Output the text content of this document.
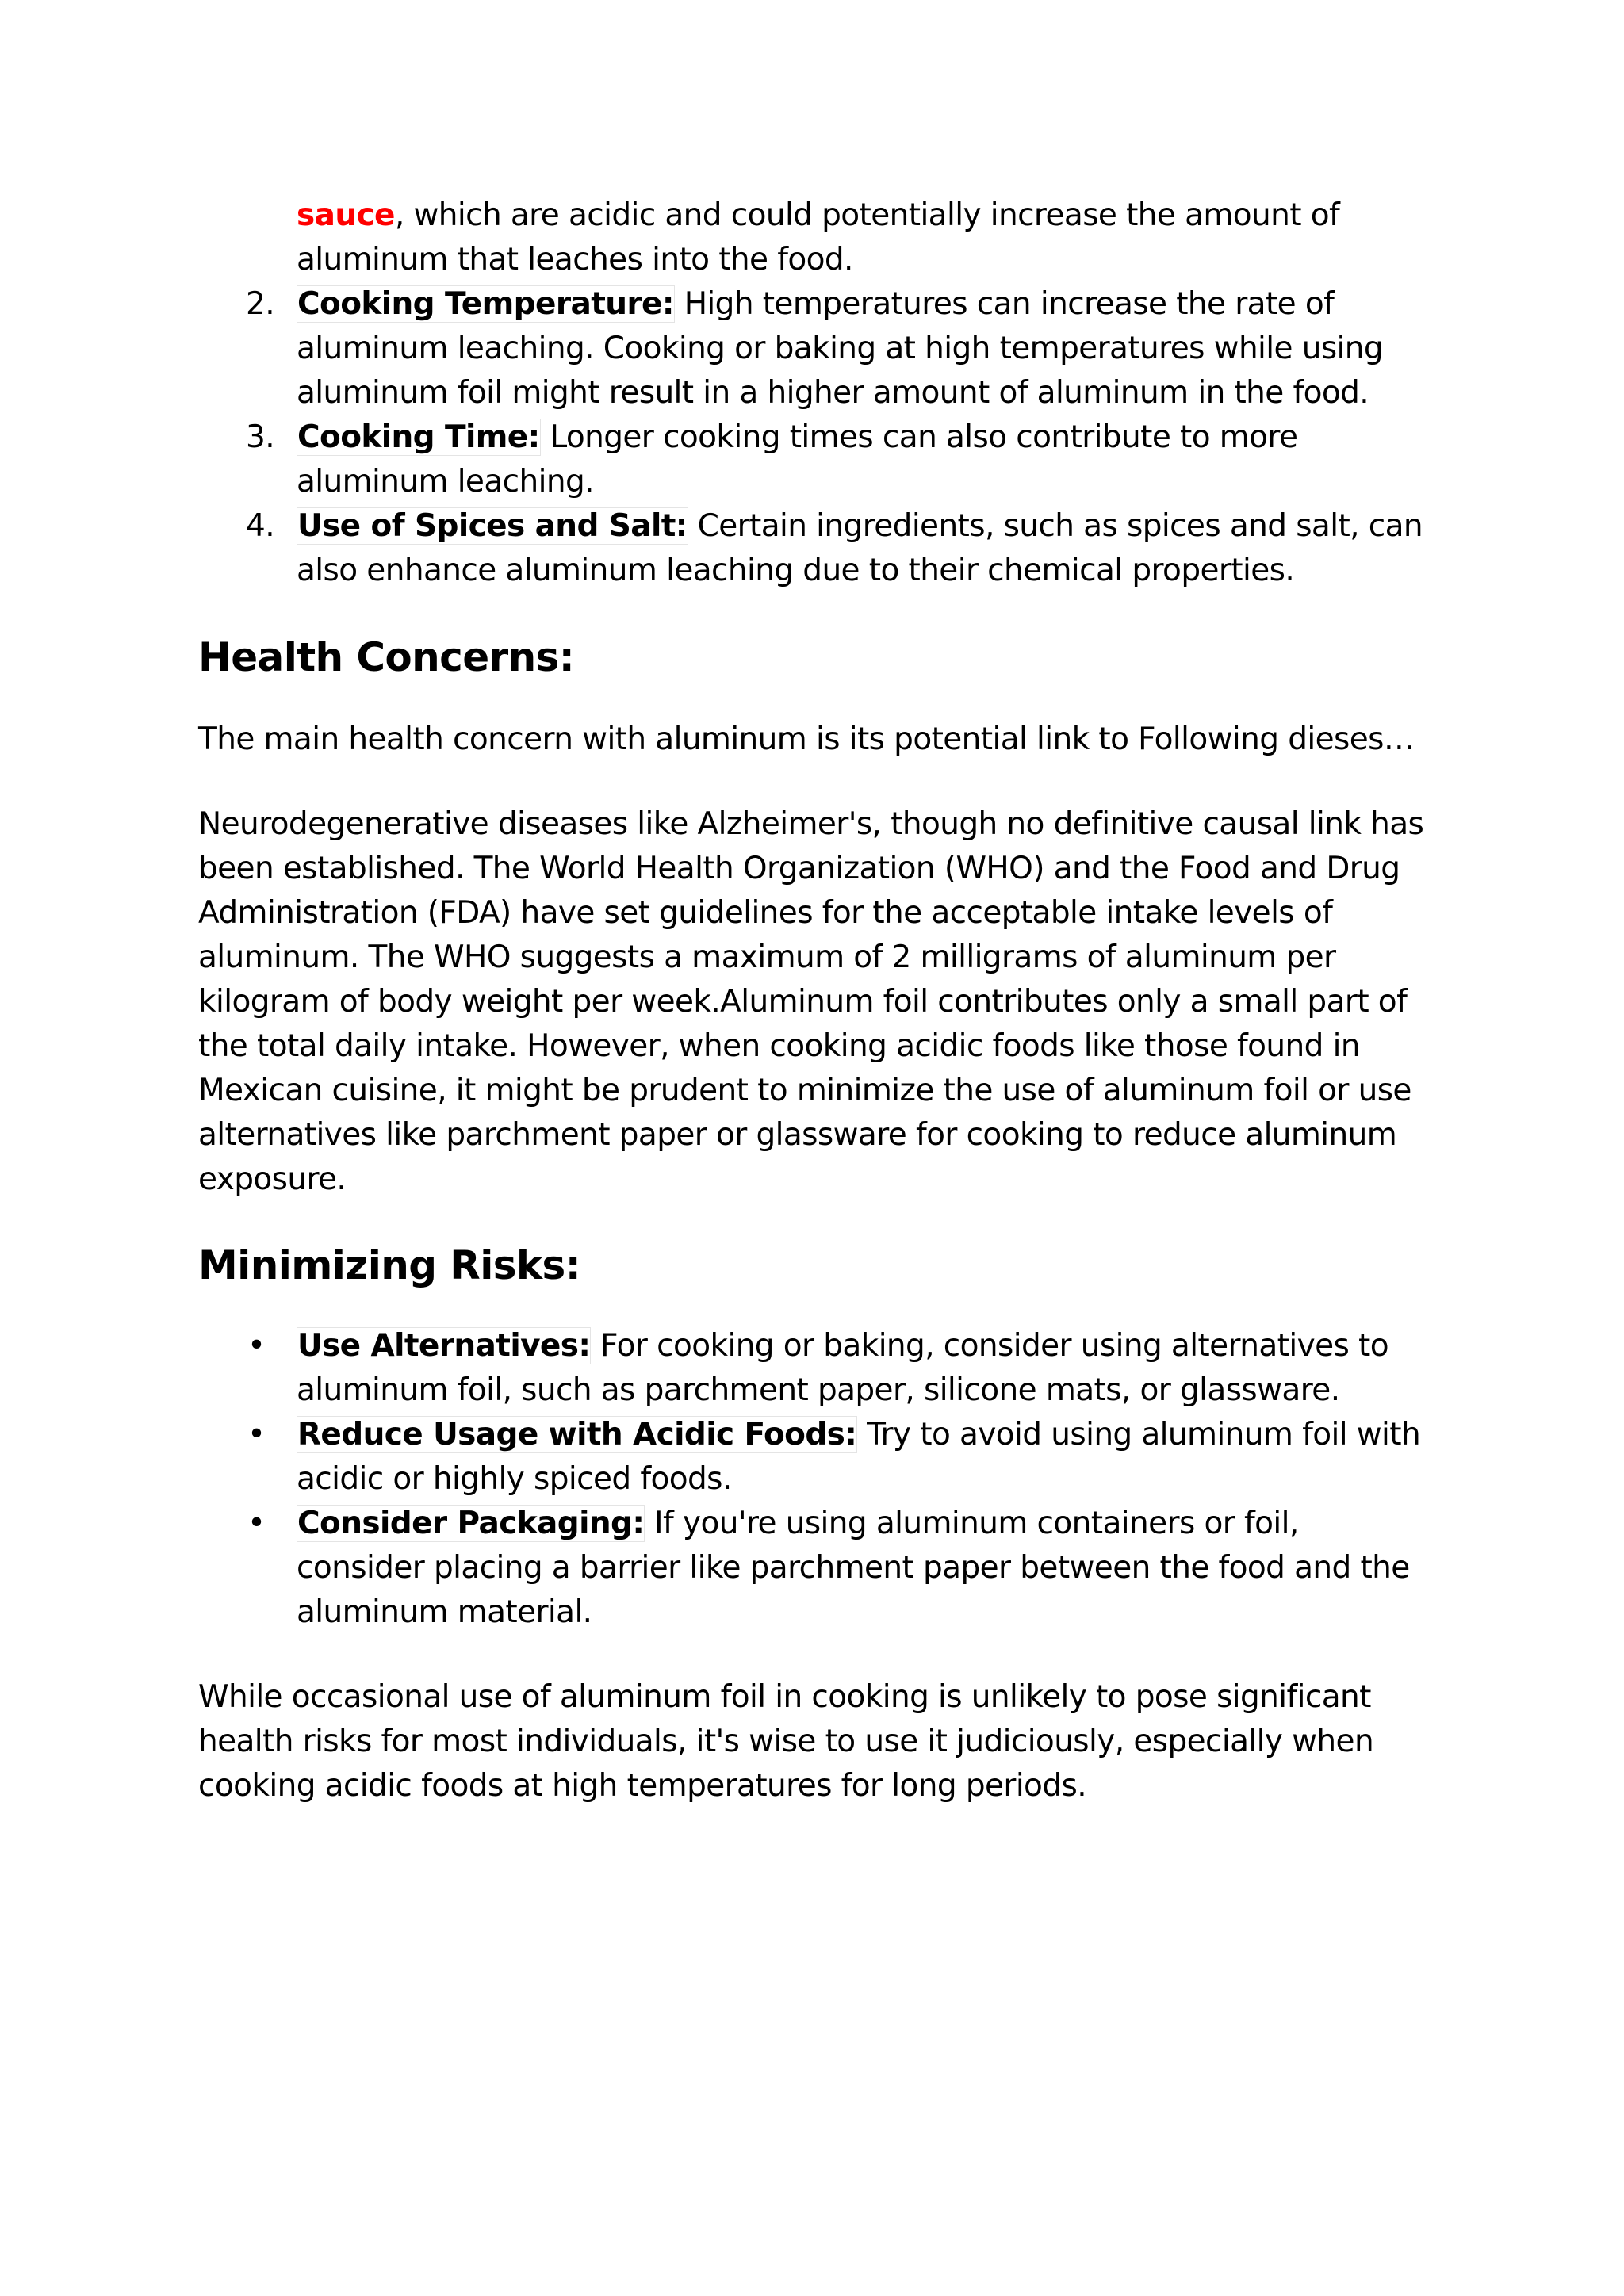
sauce, which are acidic and could potentially increase the amount of aluminum that leaches into the food.
2. Cooking Temperature: High temperatures can increase the rate of aluminum leaching. Cooking or baking at high temperatures while using aluminum foil might result in a higher amount of aluminum in the food.
3. Cooking Time: Longer cooking times can also contribute to more aluminum leaching.
4. Use of Spices and Salt: Certain ingredients, such as spices and salt, can also enhance aluminum leaching due to their chemical properties.
Health Concerns:

The main health concern with aluminum is its potential link to Following dieses…

Neurodegenerative diseases like Alzheimer's, though no definitive causal link has been established. The World Health Organization (WHO) and the Food and Drug Administration (FDA) have set guidelines for the acceptable intake levels of aluminum. The WHO suggests a maximum of 2 milligrams of aluminum per kilogram of body weight per week.Aluminum foil contributes only a small part of the total daily intake. However, when cooking acidic foods like those found in Mexican cuisine, it might be prudent to minimize the use of aluminum foil or use alternatives like parchment paper or glassware for cooking to reduce aluminum exposure.

Minimizing Risks:
• Use Alternatives: For cooking or baking, consider using alternatives to aluminum foil, such as parchment paper, silicone mats, or glassware.
• Reduce Usage with Acidic Foods: Try to avoid using aluminum foil with acidic or highly spiced foods.
• Consider Packaging: If you're using aluminum containers or foil, consider placing a barrier like parchment paper between the food and the aluminum material.

While occasional use of aluminum foil in cooking is unlikely to pose significant health risks for most individuals, it's wise to use it judiciously, especially when cooking acidic foods at high temperatures for long periods.
